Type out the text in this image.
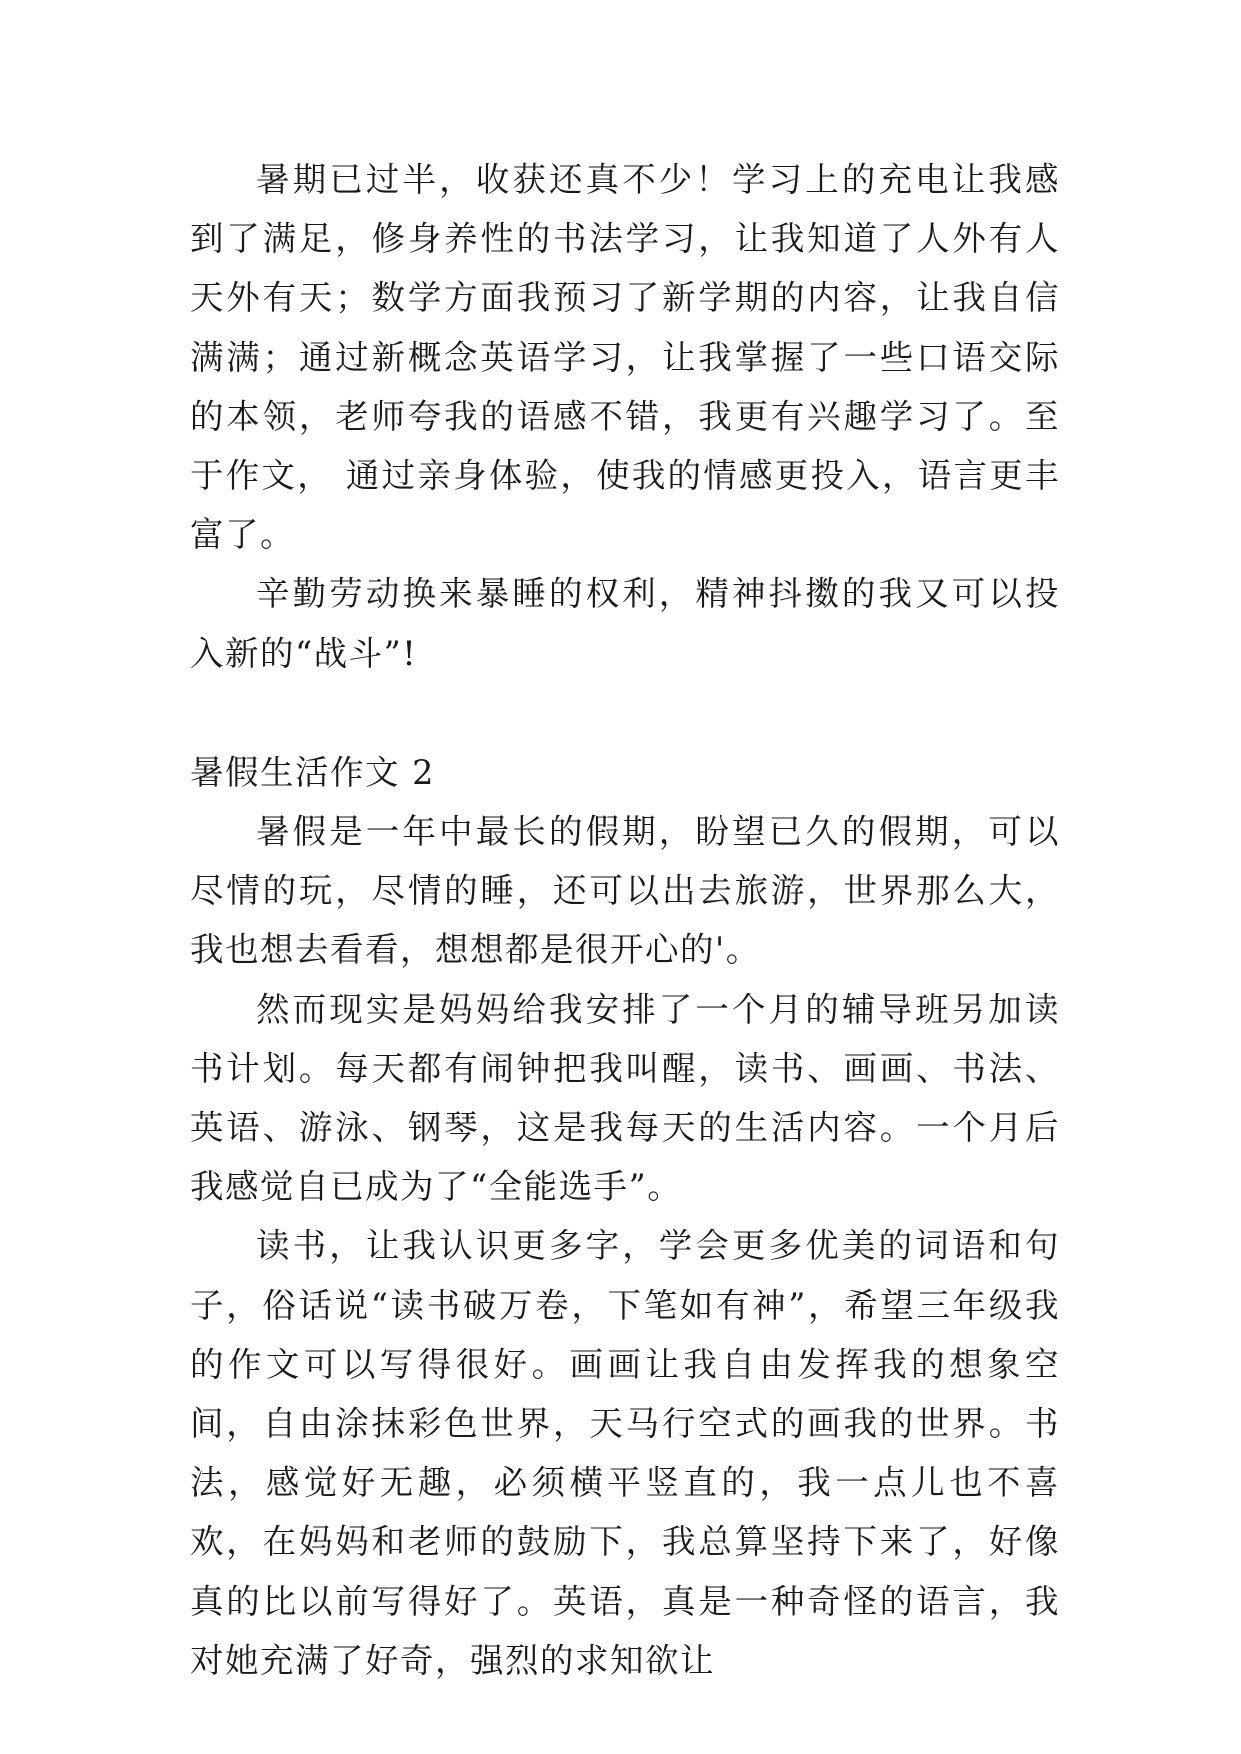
暑期已过半，收获还真不少！学习上的充电让我感到了满足，修身养性的书法学习，让我知道了人外有人天外有天；数学方面我预习了新学期的内容，让我自信满满；通过新概念英语学习，让我掌握了一些口语交际的本领，老师夸我的语感不错，我更有兴趣学习了。至于作文， 通过亲身体验，使我的情感更投入，语言更丰富了。

辛勤劳动换来暴睡的权利，精神抖擞的我又可以投入新的“战斗”!

暑假生活作文 2

暑假是一年中最长的假期，盼望已久的假期，可以尽情的玩，尽情的睡，还可以出去旅游，世界那么大，我也想去看看，想想都是很开心的'。

然而现实是妈妈给我安排了一个月的辅导班另加读书计划。每天都有闹钟把我叫醒，读书、画画、书法、英语、游泳、钢琴，这是我每天的生活内容。一个月后我感觉自已成为了“全能选手”。

读书，让我认识更多字，学会更多优美的词语和句子，俗话说“读书破万卷，下笔如有神”，希望三年级我的作文可以写得很好。画画让我自由发挥我的想象空间，自由涂抹彩色世界，天马行空式的画我的世界。书法，感觉好无趣，必须横平竖直的，我一点儿也不喜欢，在妈妈和老师的鼓励下，我总算坚持下来了，好像真的比以前写得好了。英语，真是一种奇怪的语言，我对她充满了好奇，强烈的求知欲让
